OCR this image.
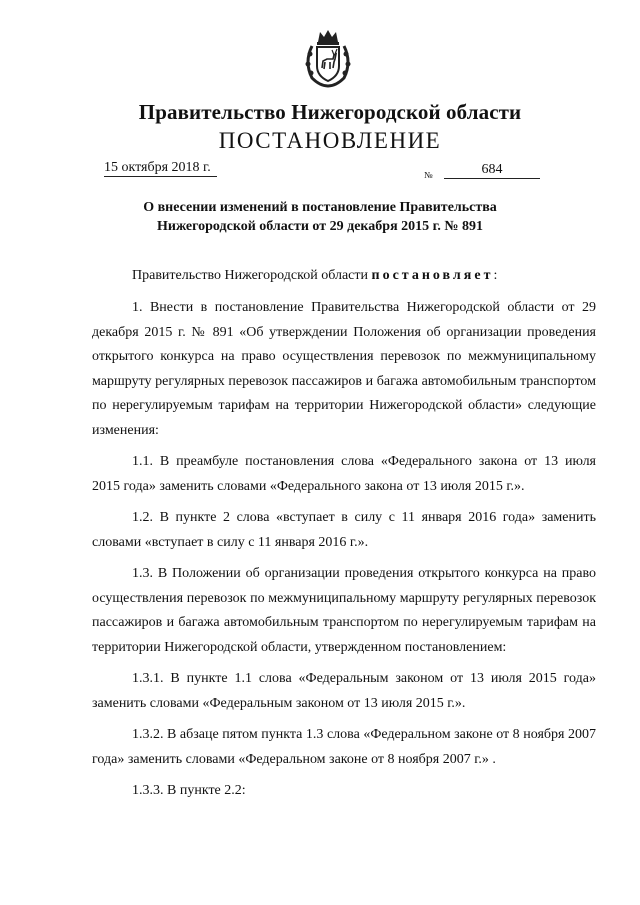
Правительство Нижегородской области
ПОСТАНОВЛЕНИЕ
15 октября 2018 г.	№	684
О внесении изменений в постановление Правительства
Нижегородской области от 29 декабря 2015 г. № 891

Правительство Нижегородской области постановляет:

1. Внести в постановление Правительства Нижегородской области от 29 декабря 2015 г. № 891 «Об утверждении Положения об организации проведения открытого конкурса на право осуществления перевозок по межмуниципальному маршруту регулярных перевозок пассажиров и багажа автомобильным транспортом по нерегулируемым тарифам на территории Нижегородской области» следующие изменения:

1.1. В преамбуле постановления слова «Федерального закона от 13 июля 2015 года» заменить словами «Федерального закона от 13 июля 2015 г.».

1.2. В пункте 2 слова «вступает в силу с 11 января 2016 года» заменить словами «вступает в силу с 11 января 2016 г.».

1.3. В Положении об организации проведения открытого конкурса на право осуществления перевозок по межмуниципальному маршруту регулярных перевозок пассажиров и багажа автомобильным транспортом по нерегулируемым тарифам на территории Нижегородской области, утвержденном постановлением:

1.3.1. В пункте 1.1 слова «Федеральным законом от 13 июля 2015 года» заменить словами «Федеральным законом от 13 июля 2015 г.».

1.3.2. В абзаце пятом пункта 1.3 слова «Федеральном законе от 8 ноября 2007 года» заменить словами «Федеральном законе от 8 ноября 2007 г.» .

1.3.3. В пункте 2.2:
